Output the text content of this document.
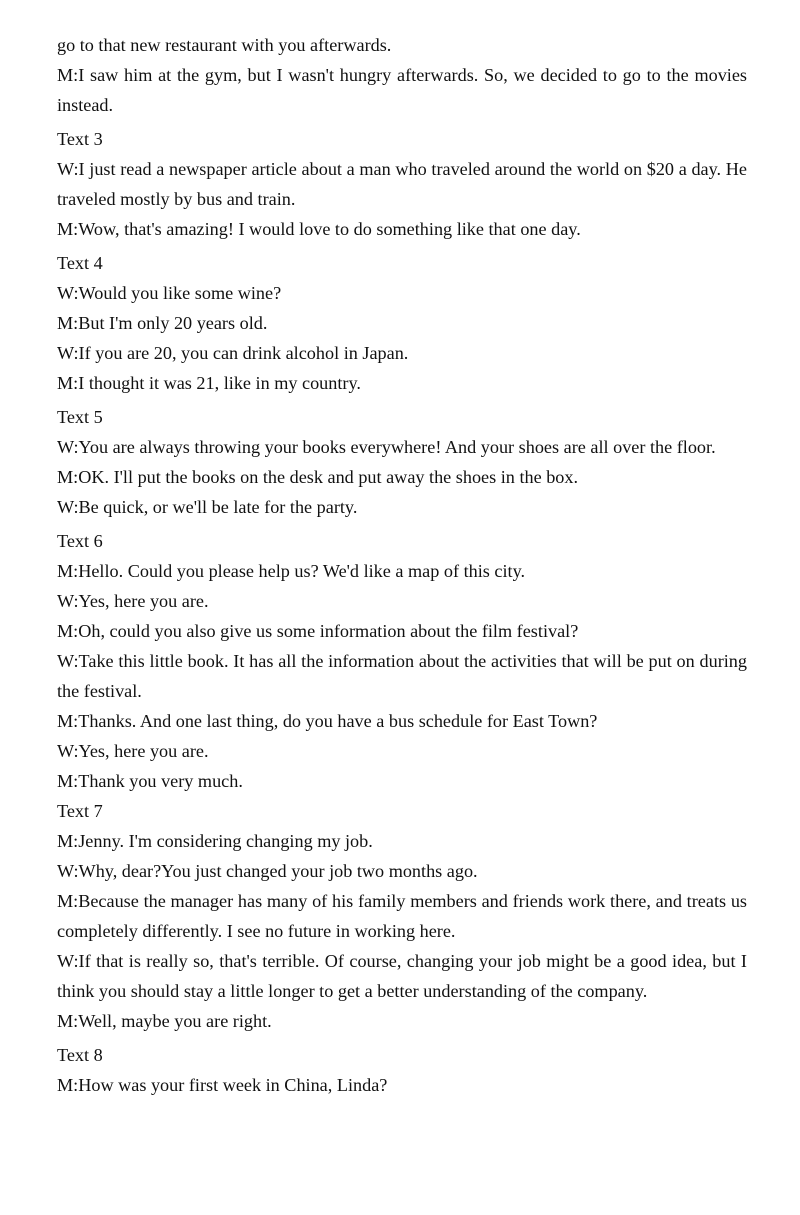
go to that new restaurant with you afterwards.

M:I saw him at the gym, but I wasn't hungry afterwards. So, we decided to go to the movies instead.

Text 3

W:I just read a newspaper article about a man who traveled around the world on $20 a day. He traveled mostly by bus and train.

M:Wow, that's amazing! I would love to do something like that one day.

Text 4

W:Would you like some wine?

M:But I'm only 20 years old.

W:If you are 20, you can drink alcohol in Japan.

M:I thought it was 21, like in my country.

Text 5

W:You are always throwing your books everywhere! And your shoes are all over the floor.

M:OK. I'll put the books on the desk and put away the shoes in the box.

W:Be quick, or we'll be late for the party.

Text 6

M:Hello. Could you please help us? We'd like a map of this city.

W:Yes, here you are.

M:Oh, could you also give us some information about the film festival?

W:Take this little book. It has all the information about the activities that will be put on during the festival.

M:Thanks. And one last thing, do you have a bus schedule for East Town?

W:Yes, here you are.

M:Thank you very much.

Text 7

M:Jenny. I'm considering changing my job.

W:Why, dear?You just changed your job two months ago.

M:Because the manager has many of his family members and friends work there, and treats us completely differently. I see no future in working here.

W:If that is really so, that's terrible. Of course, changing your job might be a good idea, but I think you should stay a little longer to get a better understanding of the company.

M:Well, maybe you are right.

Text 8

M:How was your first week in China, Linda?
